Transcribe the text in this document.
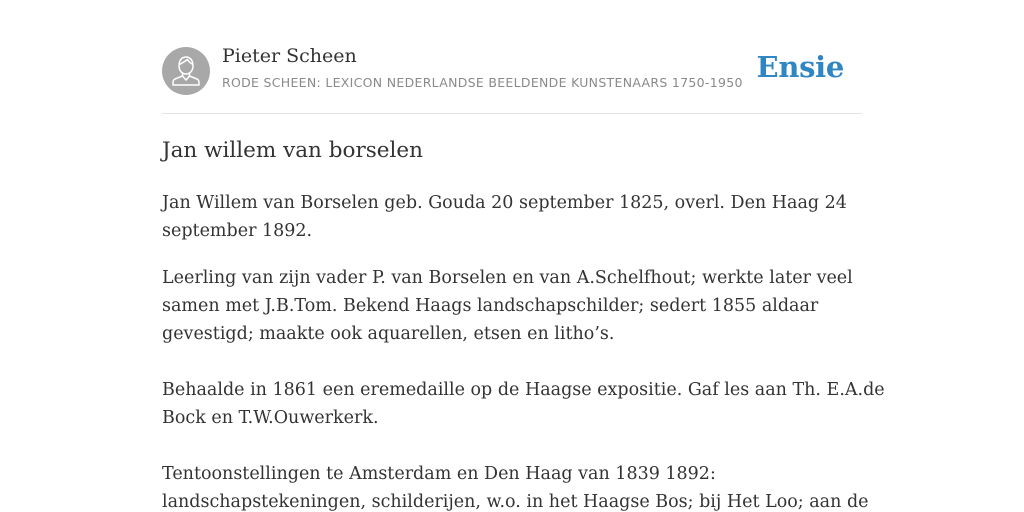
Pieter Scheen
RODE SCHEEN: LEXICON NEDERLANDSE BEELDENDE KUNSTENAARS 1750-1950 Ensie
Jan willem van borselen

Jan Willem van Borselen geb. Gouda 20 september 1825, overl. Den Haag 24
september 1892.

Leerling van zijn vader P. van Borselen en van A.Schelfhout; werkte later veel
samen met J.B.Tom. Bekend Haags landschapschilder; sedert 1855 aldaar
gevestigd; maakte ook aquarellen, etsen en litho’s.

Behaalde in 1861 een eremedaille op de Haagse expositie. Gaf les aan Th. E.A.de
Bock en T.W.Ouwerkerk.

Tentoonstellingen te Amsterdam en Den Haag van 1839 1892:
landschapstekeningen, schilderijen, w.o. in het Haagse Bos; bij Het Loo; aan de
